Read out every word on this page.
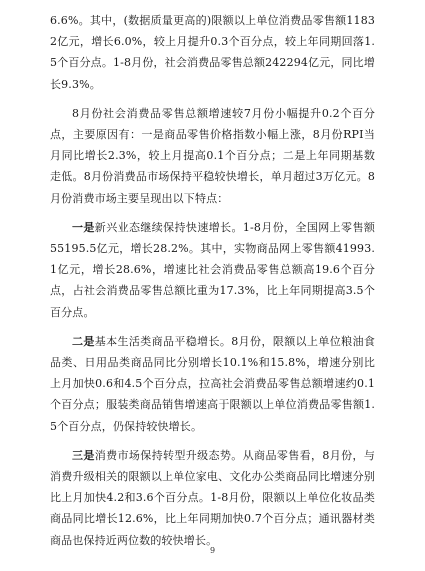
6.6%。其中，(数据质量更高的)限额以上单位消费品零售额11832亿元，增长6.0%，较上月提升0.3个百分点，较上年同期回落1.5个百分点。1-8月份，社会消费品零售总额242294亿元，同比增长9.3%。

8月份社会消费品零售总额增速较7月份小幅提升0.2个百分点，主要原因有：一是商品零售价格指数小幅上涨，8月份RPI当月同比增长2.3%，较上月提高0.1个百分点；二是上年同期基数走低。8月份消费品市场保持平稳较快增长，单月超过3万亿元。8月份消费市场主要呈现出以下特点：

一是新兴业态继续保持快速增长。1-8月份，全国网上零售额55195.5亿元，增长28.2%。其中，实物商品网上零售额41993.1亿元，增长28.6%，增速比社会消费品零售总额高19.6个百分点，占社会消费品零售总额比重为17.3%，比上年同期提高3.5个百分点。

二是基本生活类商品平稳增长。8月份，限额以上单位粮油食品类、日用品类商品同比分别增长10.1%和15.8%，增速分别比上月加快0.6和4.5个百分点，拉高社会消费品零售总额增速约0.1个百分点；服装类商品销售增速高于限额以上单位消费品零售额1.5个百分点，仍保持较快增长。

三是消费市场保持转型升级态势。从商品零售看，8月份，与消费升级相关的限额以上单位家电、文化办公类商品同比增速分别比上月加快4.2和3.6个百分点。1-8月份，限额以上单位化妆品类商品同比增长12.6%，比上年同期加快0.7个百分点；通讯器材类商品也保持近两位数的较快增长。

9
